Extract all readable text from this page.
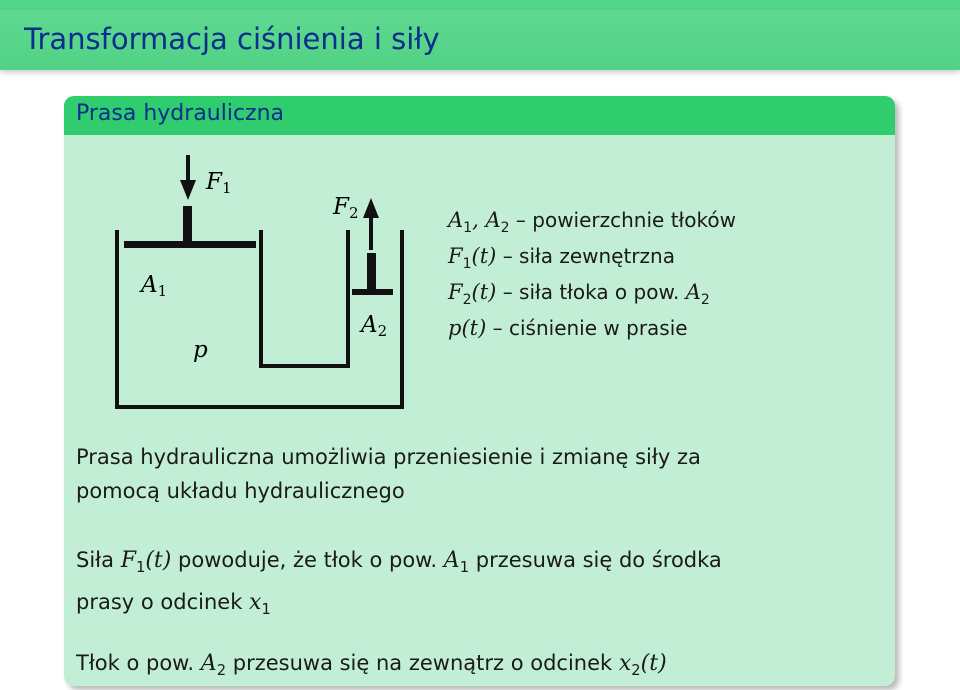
Transformacja ciśnienia i siły
Prasa hydrauliczna
F1
F2
A1
A2
p
$A_1$, $A_2$ – powierzchnie tłoków
$F_1(t)$ – siła zewnętrzna
$F_2(t)$ – siła tłoka o pow. $A_2$
p(t) – ciśnienie w prasie
Prasa hydrauliczna umożliwia przeniesienie i zmianę siły za
pomocą układu hydraulicznego
Siła $F_1(t)$ powoduje, że tłok o pow. $A_1$ przesuwa się do środka
prasy o odcinek $x_1$
Tłok o pow. $A_2$ przesuwa się na zewnątrz o odcinek $x_2(t)$
